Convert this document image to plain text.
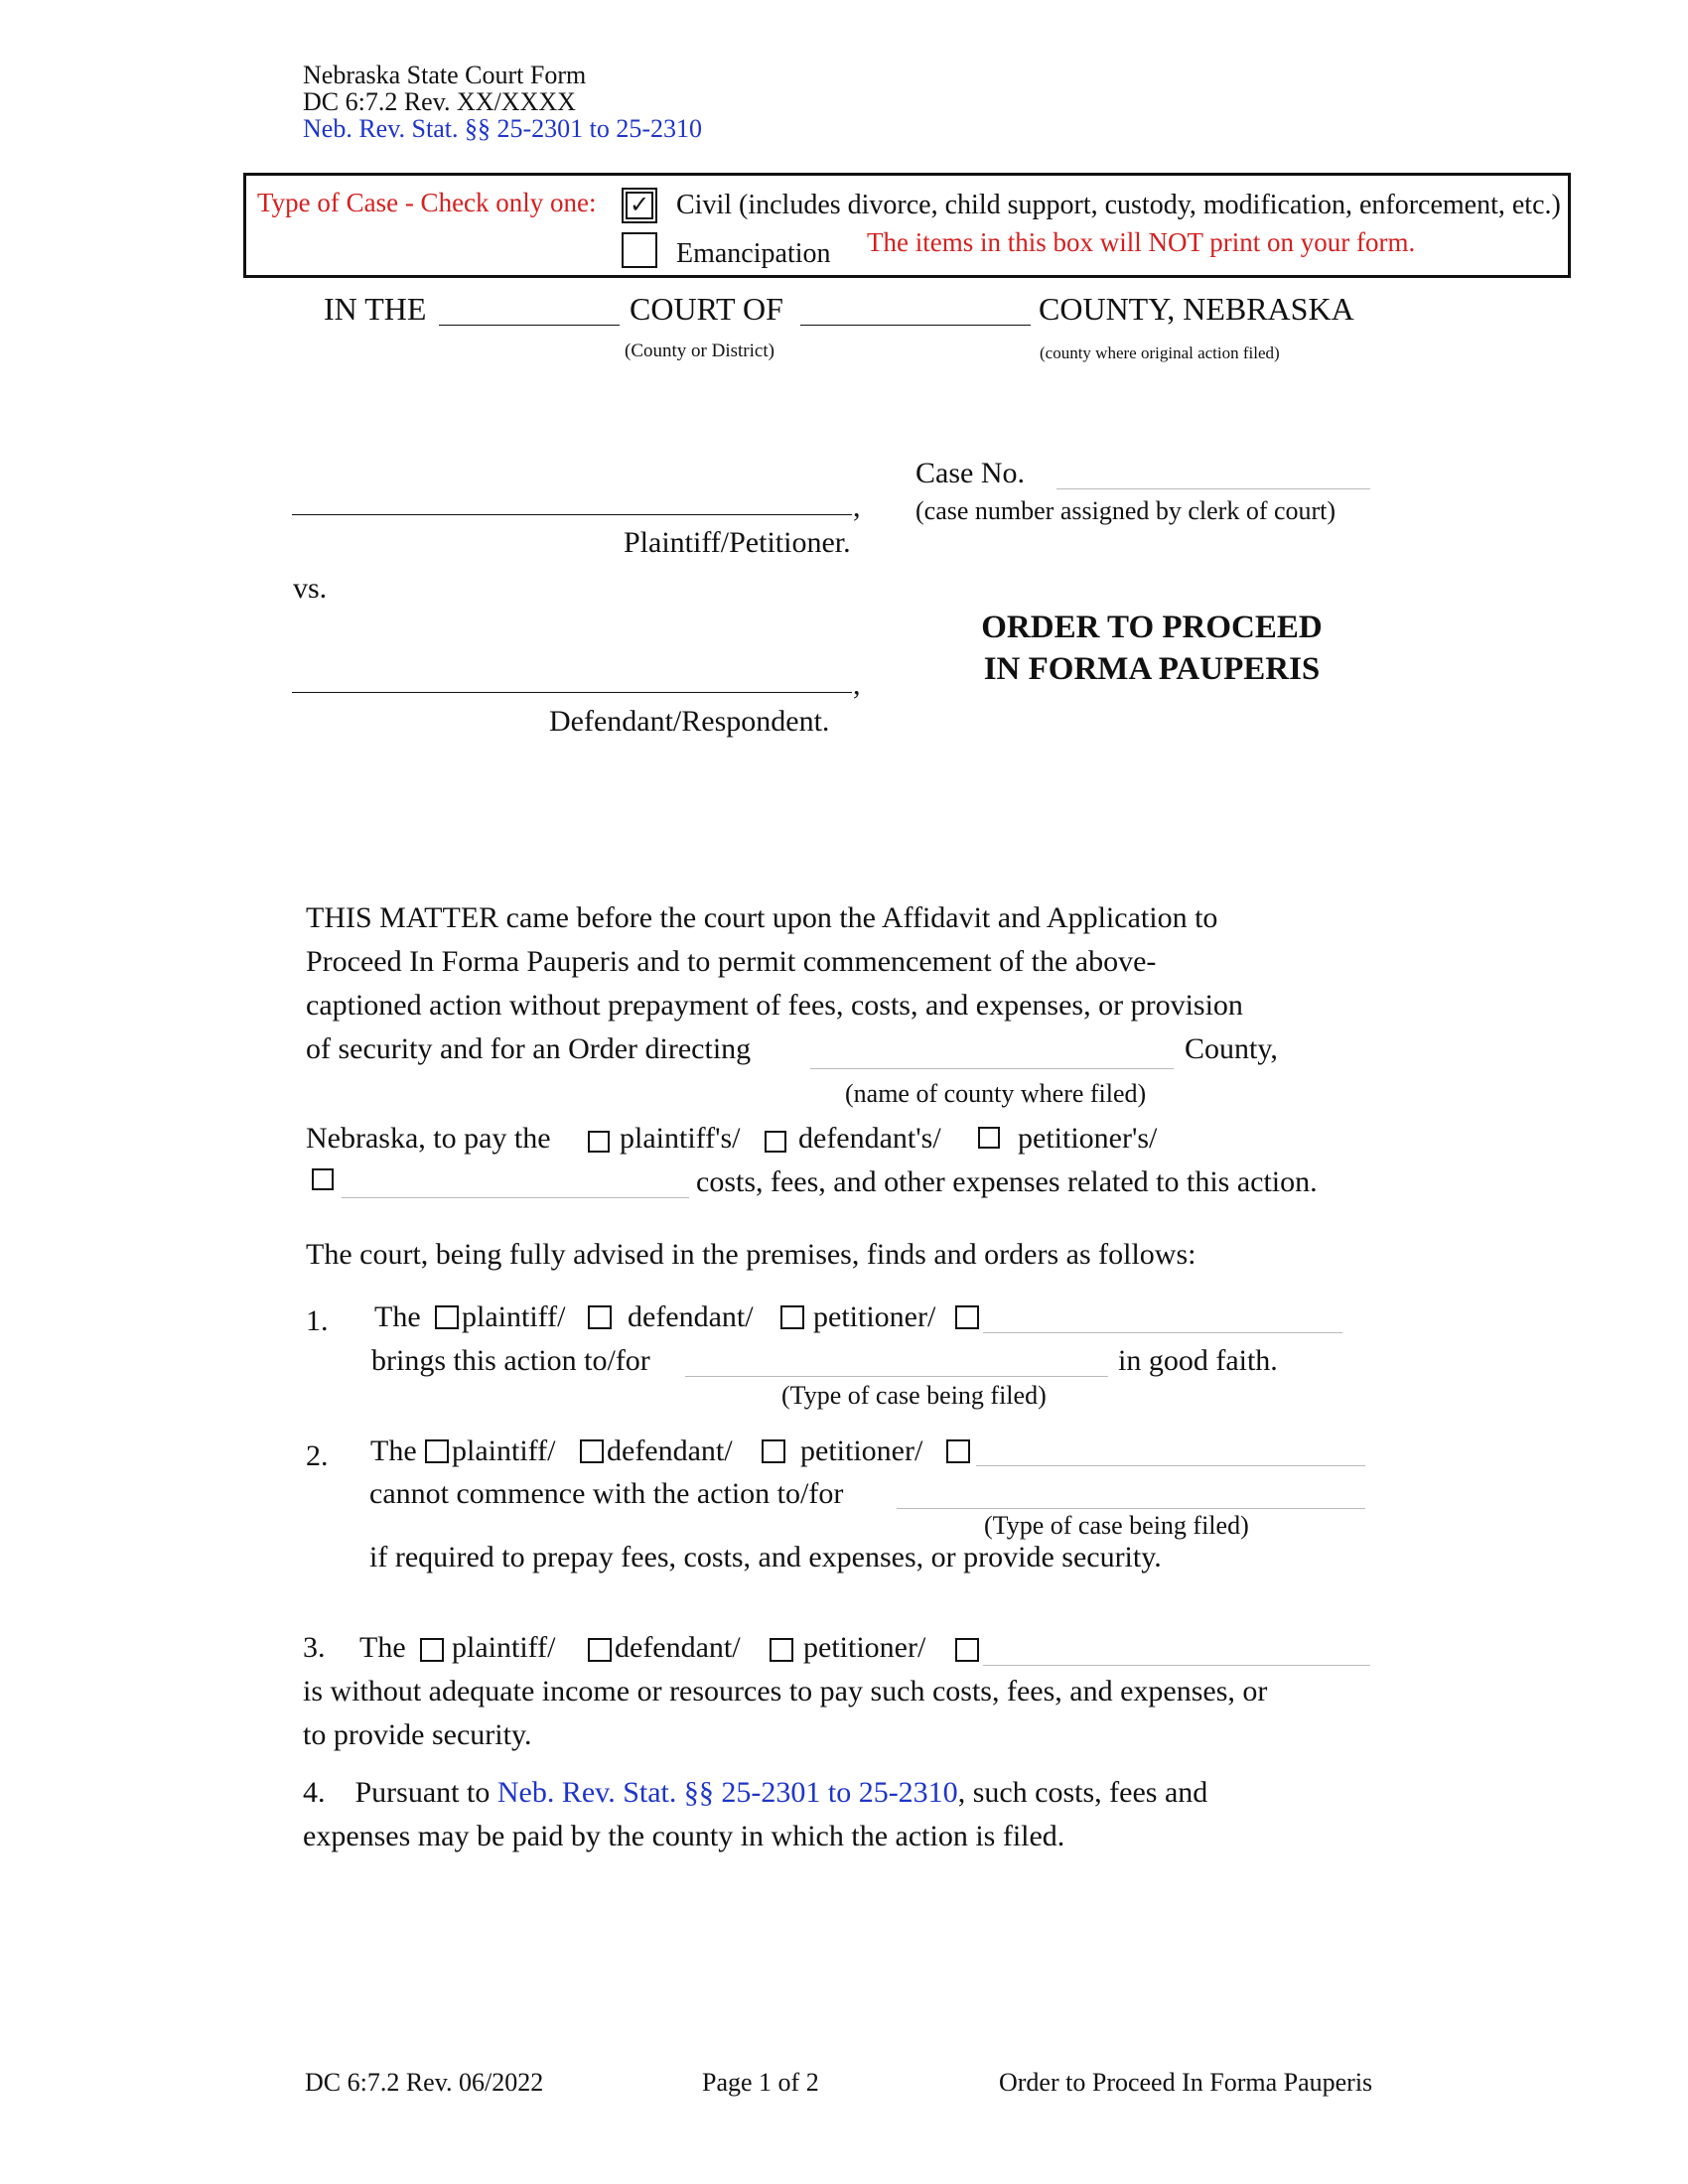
Nebraska State Court Form
DC 6:7.2 Rev. XX/XXXX
Neb. Rev. Stat. §§ 25-2301 to 25-2310
Type of Case - Check only one:	✓ Civil (includes divorce, child support, custody, modification, enforcement, etc.)
Emancipation The items in this box will NOT print on your form.
IN THE	COURT OF	COUNTY, NEBRASKA
(County or District)	(county where original action filed)
Case No.
(case number assigned by clerk of court)
,
Plaintiff/Petitioner.
vs.
ORDER TO PROCEED
IN FORMA PAUPERIS
,
Defendant/Respondent.
THIS MATTER came before the court upon the Affidavit and Application to
Proceed In Forma Pauperis and to permit commencement of the above-
captioned action without prepayment of fees, costs, and expenses, or provision
of security and for an Order directing	County,
(name of county where filed)
Nebraska, to pay the plaintiff's/ defendant's/	petitioner's/
costs, fees, and other expenses related to this action.
The court, being fully advised in the premises, finds and orders as follows:
1. The plaintiff/ defendant/ petitioner/
brings this action to/for	in good faith.
(Type of case being filed)
2. The plaintiff/ defendant/ petitioner/
cannot commence with the action to/for
(Type of case being filed)
if required to prepay fees, costs, and expenses, or provide security.
3. The plaintiff/ defendant/ petitioner/
is without adequate income or resources to pay such costs, fees, and expenses, or
to provide security.
4. Pursuant to Neb. Rev. Stat. §§ 25-2301 to 25-2310, such costs, fees and
expenses may be paid by the county in which the action is filed.
DC 6:7.2 Rev. 06/2022	Page 1 of 2	Order to Proceed In Forma Pauperis
